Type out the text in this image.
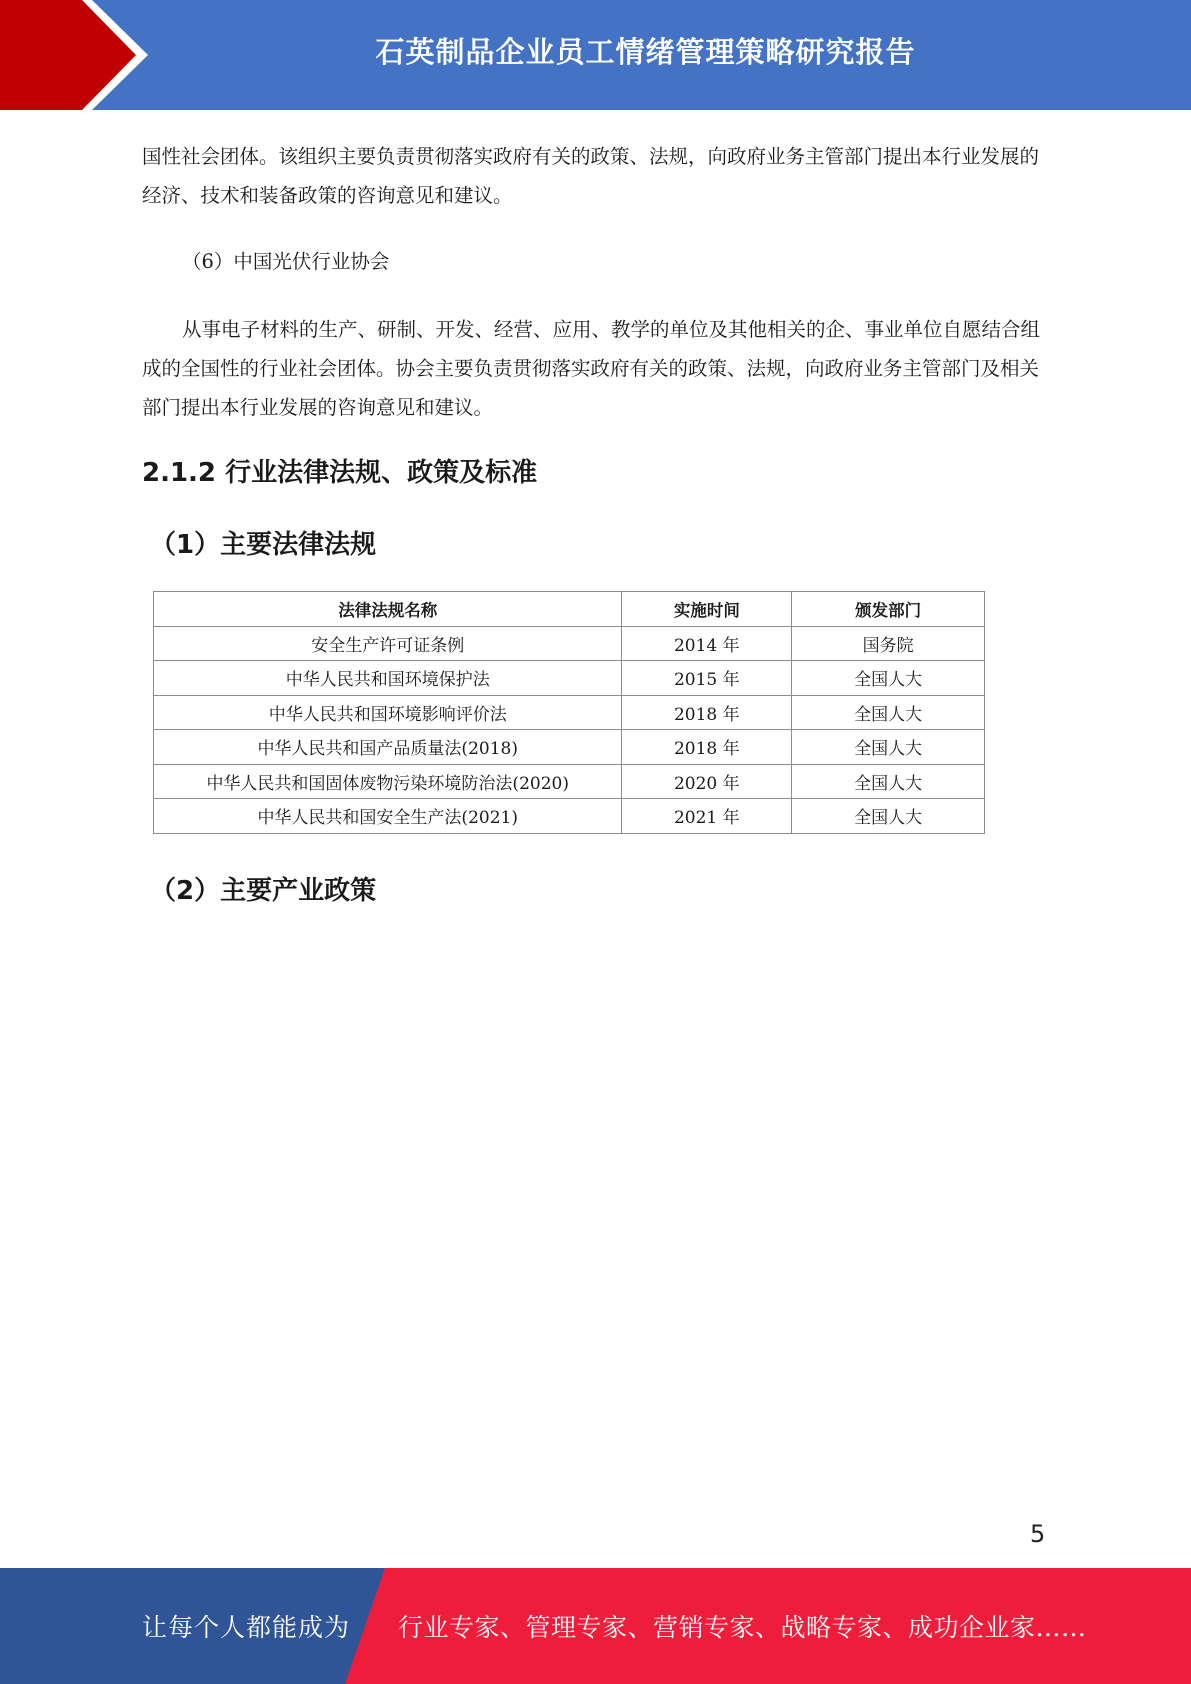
石英制品企业员工情绪管理策略研究报告

国性社会团体。该组织主要负责贯彻落实政府有关的政策、法规，向政府业务主管部门提出本行业发展的经济、技术和装备政策的咨询意见和建议。

（6）中国光伏行业协会

从事电子材料的生产、研制、开发、经营、应用、教学的单位及其他相关的企、事业单位自愿结合组成的全国性的行业社会团体。协会主要负责贯彻落实政府有关的政策、法规，向政府业务主管部门及相关部门提出本行业发展的咨询意见和建议。

2.1.2 行业法律法规、政策及标准
（1）主要法律法规
法律法规名称	实施时间	颁发部门
安全生产许可证条例	2014 年	国务院
中华人民共和国环境保护法	2015 年	全国人大
中华人民共和国环境影响评价法	2018 年	全国人大
中华人民共和国产品质量法(2018)	2018 年	全国人大
中华人民共和国固体废物污染环境防治法(2020)	2020 年	全国人大
中华人民共和国安全生产法(2021)	2021 年	全国人大
（2）主要产业政策
5
让每个人都能成为 行业专家、管理专家、营销专家、战略专家、成功企业家……
